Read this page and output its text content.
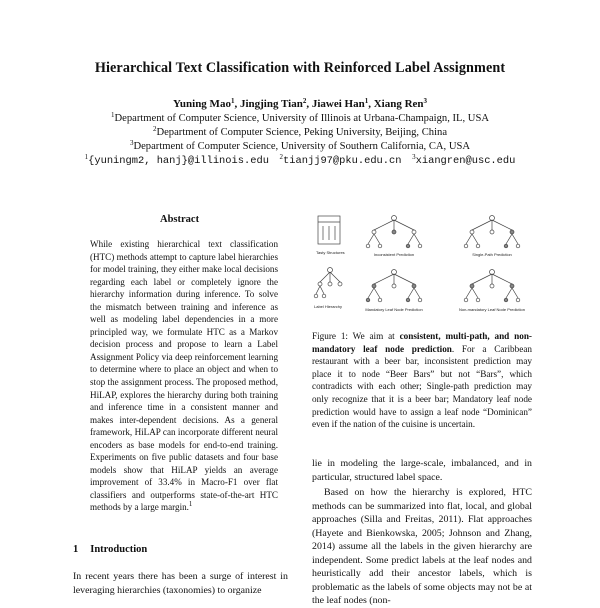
Hierarchical Text Classification with Reinforced Label Assignment
Yuning Mao$^1$, Jingjing Tian$^2$, Jiawei Han$^1$, Xiang Ren$^3$
$^1$Department of Computer Science, University of Illinois at Urbana-Champaign, IL, USA
$^2$Department of Computer Science, Peking University, Beijing, China
$^3$Department of Computer Science, University of Southern California, CA, USA
$^1${yuningm2, hanj}@illinois.edu $^2$tianjj97@pku.edu.cn $^3$xiangren@usc.edu
Abstract
While existing hierarchical text classification (HTC) methods attempt to capture label hierarchies for model training, they either make local decisions regarding each label or completely ignore the hierarchy information during inference. To solve the mismatch between training and inference as well as modeling label dependencies in a more principled way, we formulate HTC as a Markov decision process and propose to learn a Label Assignment Policy via deep reinforcement learning to determine where to place an object and when to stop the assignment process. The proposed method, HiLAP, explores the hierarchy during both training and inference time in a consistent manner and makes inter-dependent decisions. As a general framework, HiLAP can incorporate different neural encoders as base models for end-to-end training. Experiments on five public datasets and four base models show that HiLAP yields an average improvement of 33.4% in Macro-F1 over flat classifiers and outperforms state-of-the-art HTC methods by a large margin.$^1$
1 Introduction
In recent years there has been a surge of interest in leveraging hierarchies (taxonomies) to organize
Tasty Structures
Label Hierarchy
Inconsistent Prediction	Single-Path Prediction
Mandatory Leaf Node Prediction	Non-mandatory Leaf Node Prediction
Figure 1: We aim at consistent, multi-path, and non-mandatory leaf node prediction. For a Caribbean restaurant with a beer bar, inconsistent prediction may place it to node “Beer Bars” but not “Bars”, which contradicts with each other; Single-path prediction may only recognize that it is a beer bar; Mandatory leaf node prediction would have to assign a leaf node “Dominican” even if the nation of the cuisine is uncertain.

lie in modeling the large-scale, imbalanced, and in particular, structured label space.

Based on how the hierarchy is explored, HTC methods can be summarized into flat, local, and global approaches (Silla and Freitas, 2011). Flat approaches (Hayete and Bienkowska, 2005; Johnson and Zhang, 2014) assume all the labels in the given hierarchy are independent. Some predict labels at the leaf nodes and heuristically add their ancestor labels, which is problematic as the labels of some objects may not be at the leaf nodes (non-
